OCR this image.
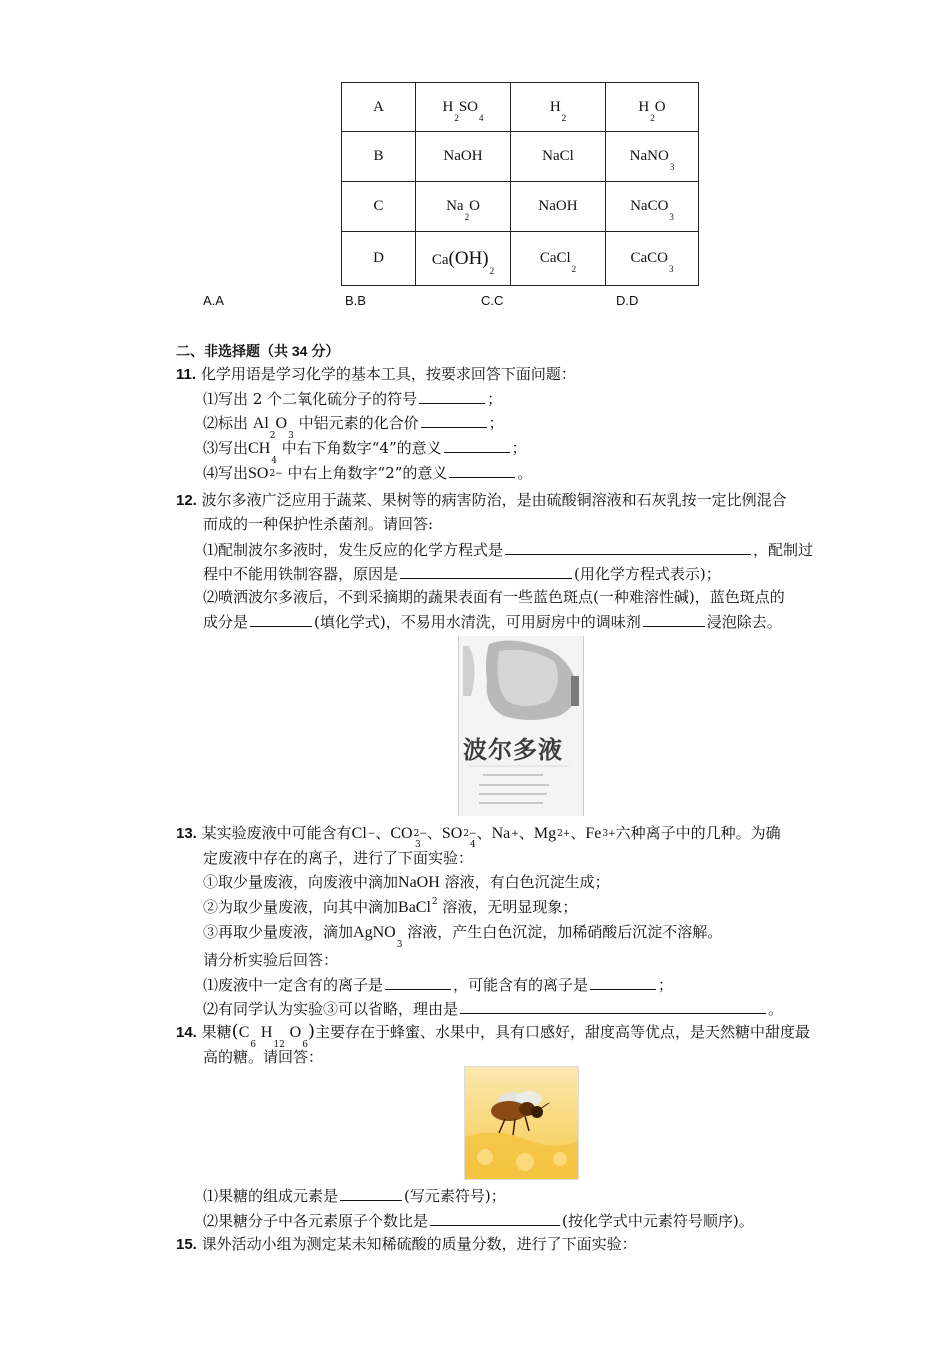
A	$H_2SO_4$	$H_2$	$H_2O$
B	NaOH	NaCl	NaNO$_3$
C	$Na_2O$	NaOH	NaCO$_3$
D	$Ca(OH)_2$	CaCl$_2$	CaCO$_3$
A.A	B.B	C.C	D.D
二、非选择题（共 34 分）
11. 化学用语是学习化学的基本工具，按要求回答下面问题：
⑴写出 2 个二氧化硫分子的符号	；
⑵标出 $Al_2O_3$ 中铝元素的化合价	；
⑶写出$CH_4$ 中右下角数字“4”的意义	；
⑷写出SO2− 中右上角数字“2”的意义	。
12. 波尔多液广泛应用于蔬菜、果树等的病害防治，是由硫酸铜溶液和石灰乳按一定比例混合
而成的一种保护性杀菌剂。请回答:
⑴配制波尔多液时，发生反应的化学方程式是	，配制过
程中不能用铁制容器，原因是	(用化学方程式表示)；
⑵喷洒波尔多液后，不到采摘期的蔬果表面有一些蓝色斑点(一种难溶性碱)，蓝色斑点的
成分是	(填化学式)，不易用水清洗，可用厨房中的调味剂	浸泡除去。
波尔多液
13. 某实验废液中可能含有Cl−、CO2−、SO2−、Na+、Mg2+、Fe3+六种离子中的几种。为确
3	4
定废液中存在的离子，进行了下面实验：
①取少量废液，向废液中滴加NaOH 溶液，有白色沉淀生成；
②为取少量废液，向其中滴加BaCl$^2$ 溶液，无明显现象；
③再取少量废液，滴加AgNO$_3$ 溶液，产生白色沉淀，加稀硝酸后沉淀不溶解。
请分析实验后回答：
⑴废液中一定含有的离子是	，可能含有的离子是	；
⑵有同学认为实验③可以省略，理由是	。
14. 果糖($C_6$ $H_{12}$ $O_6$)主要存在于蜂蜜、水果中，具有口感好，甜度高等优点，是天然糖中甜度最
高的糖。请回答：
⑴果糖的组成元素是	(写元素符号)；
⑵果糖分子中各元素原子个数比是	(按化学式中元素符号顺序)。
15. 课外活动小组为测定某未知稀硫酸的质量分数，进行了下面实验：
